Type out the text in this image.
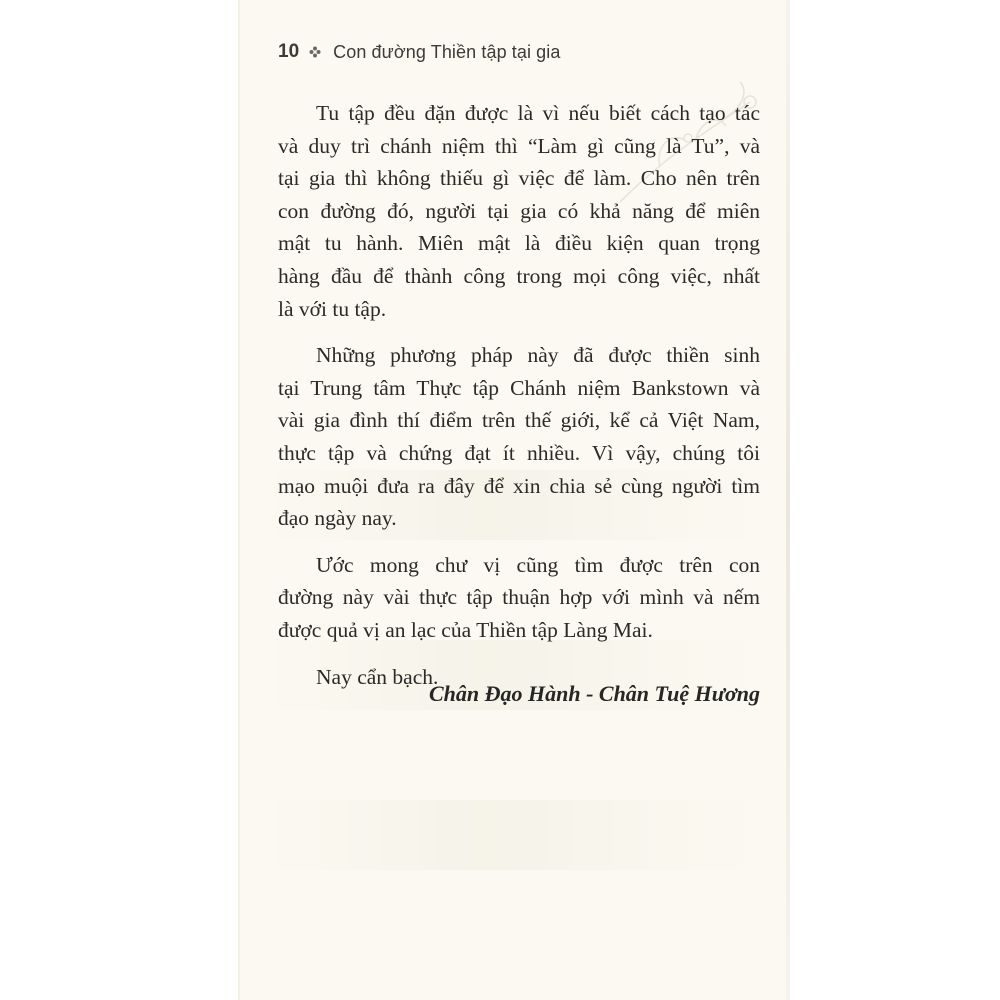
10 Con đường Thiền tập tại gia

Tu tập đều đặn được là vì nếu biết cách tạo tác
và duy trì chánh niệm thì “Làm gì cũng là Tu”, và
tại gia thì không thiếu gì việc để làm. Cho nên trên
con đường đó, người tại gia có khả năng để miên
mật tu hành. Miên mật là điều kiện quan trọng
hàng đầu để thành công trong mọi công việc, nhất
là với tu tập.

Những phương pháp này đã được thiền sinh
tại Trung tâm Thực tập Chánh niệm Bankstown và
vài gia đình thí điểm trên thế giới, kể cả Việt Nam,
thực tập và chứng đạt ít nhiều. Vì vậy, chúng tôi
mạo muội đưa ra đây để xin chia sẻ cùng người tìm
đạo ngày nay.

Ước mong chư vị cũng tìm được trên con
đường này vài thực tập thuận hợp với mình và nếm
được quả vị an lạc của Thiền tập Làng Mai.

Nay cẩn bạch.

Chân Đạo Hành - Chân Tuệ Hương
